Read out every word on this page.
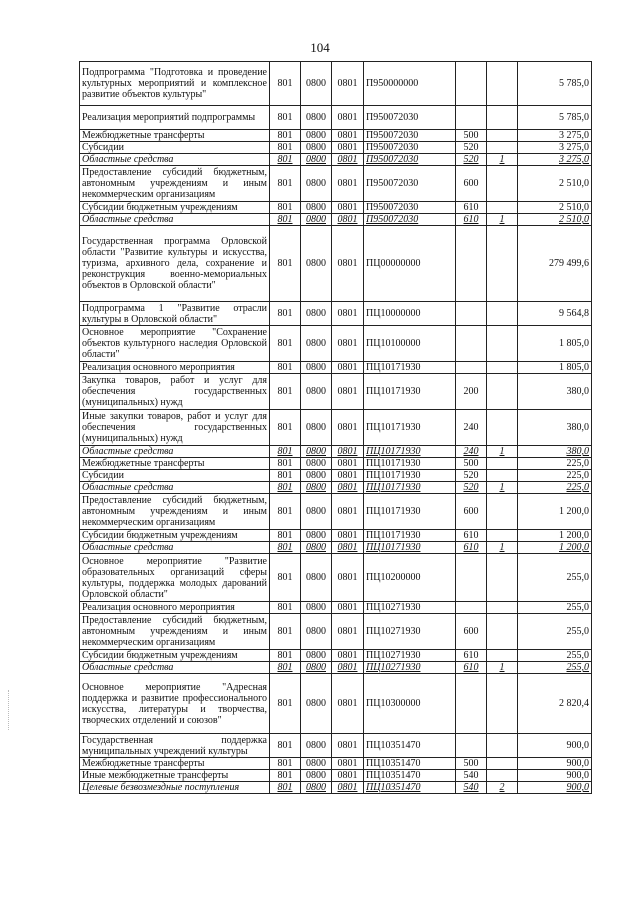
104
Подпрограмма "Подготовка и проведение культурных мероприятий и комплексное развитие объектов культуры"	801	0800	0801	П950000000			5 785,0
Реализация мероприятий подпрограммы	801	0800	0801	П950072030			5 785,0
Межбюджетные трансферты	801	0800	0801	П950072030	500		3 275,0
Субсидии	801	0800	0801	П950072030	520		3 275,0
Областные средства	801	0800	0801	П950072030	520	1	3 275,0
Предоставление субсидий бюджетным, автономным учреждениям и иным некоммерческим организациям	801	0800	0801	П950072030	600		2 510,0
Субсидии бюджетным учреждениям	801	0800	0801	П950072030	610		2 510,0
Областные средства	801	0800	0801	П950072030	610	1	2 510,0
Государственная программа Орловской области "Развитие культуры и искусства, туризма, архивного дела, сохранение и реконструкция военно-мемориальных объектов в Орловской области"	801	0800	0801	ПЦ00000000			279 499,6
Подпрограмма 1 "Развитие отрасли культуры в Орловской области"	801	0800	0801	ПЦ10000000			9 564,8
Основное мероприятие "Сохранение объектов культурного наследия Орловской области"	801	0800	0801	ПЦ10100000			1 805,0
Реализация основного мероприятия	801	0800	0801	ПЦ10171930			1 805,0
Закупка товаров, работ и услуг для обеспечения государственных (муниципальных) нужд	801	0800	0801	ПЦ10171930	200		380,0
Иные закупки товаров, работ и услуг для обеспечения государственных (муниципальных) нужд	801	0800	0801	ПЦ10171930	240		380,0
Областные средства	801	0800	0801	ПЦ10171930	240	1	380,0
Межбюджетные трансферты	801	0800	0801	ПЦ10171930	500		225,0
Субсидии	801	0800	0801	ПЦ10171930	520		225,0
Областные средства	801	0800	0801	ПЦ10171930	520	1	225,0
Предоставление субсидий бюджетным, автономным учреждениям и иным некоммерческим организациям	801	0800	0801	ПЦ10171930	600		1 200,0
Субсидии бюджетным учреждениям	801	0800	0801	ПЦ10171930	610		1 200,0
Областные средства	801	0800	0801	ПЦ10171930	610	1	1 200,0
Основное мероприятие "Развитие образовательных организаций сферы культуры, поддержка молодых дарований Орловской области"	801	0800	0801	ПЦ10200000			255,0
Реализация основного мероприятия	801	0800	0801	ПЦ10271930			255,0
Предоставление субсидий бюджетным, автономным учреждениям и иным некоммерческим организациям	801	0800	0801	ПЦ10271930	600		255,0
Субсидии бюджетным учреждениям	801	0800	0801	ПЦ10271930	610		255,0
Областные средства	801	0800	0801	ПЦ10271930	610	1	255,0
Основное мероприятие "Адресная поддержка и развитие профессионального искусства, литературы и творчества, творческих отделений и союзов"	801	0800	0801	ПЦ10300000			2 820,4
Государственная поддержка муниципальных учреждений культуры	801	0800	0801	ПЦ10351470			900,0
Межбюджетные трансферты	801	0800	0801	ПЦ10351470	500		900,0
Иные межбюджетные трансферты	801	0800	0801	ПЦ10351470	540		900,0
Целевые безвозмездные поступления	801	0800	0801	ПЦ10351470	540	2	900,0
